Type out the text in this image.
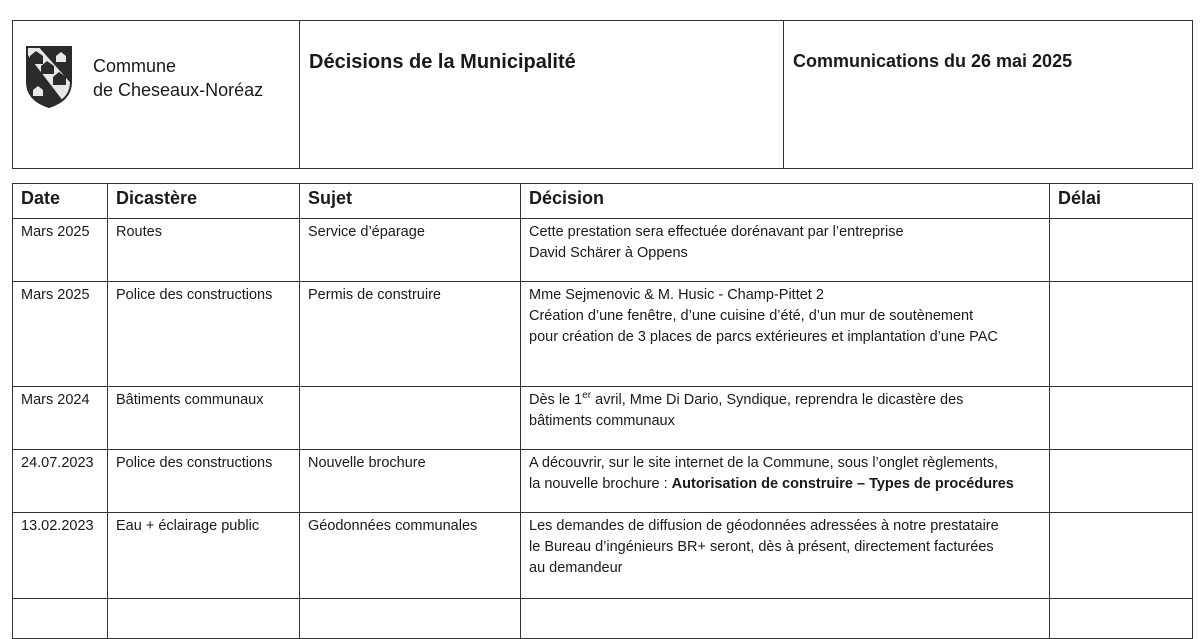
Commune
de Cheseaux-Noréaz
	Décisions de la Municipalité	Communications du 26 mai 2025
Date	Dicastère	Sujet	Décision	Délai
Mars 2025	Routes	Service d’éparage	Cette prestation sera effectuée dorénavant par l’entreprise
David Schärer à Oppens	

Mars 2025	Police des constructions	Permis de construire	Mme Sejmenovic & M. Husic - Champ-Pittet 2
Création d’une fenêtre, d’une cuisine d’été, d’un mur de soutènement
pour création de 3 places de parcs extérieures et implantation d’une PAC	

Mars 2024	Bâtiments communaux		Dès le 1er avril, Mme Di Dario, Syndique, reprendra le dicastère des
bâtiments communaux	

24.07.2023	Police des constructions	Nouvelle brochure	A découvrir, sur le site internet de la Commune, sous l’onglet règlements,
la nouvelle brochure : Autorisation de construire – Types de procédures	

13.02.2023	Eau + éclairage public	Géodonnées communales	Les demandes de diffusion de géodonnées adressées à notre prestataire
le Bureau d’ingénieurs BR+ seront, dès à présent, directement facturées
au demandeur	
